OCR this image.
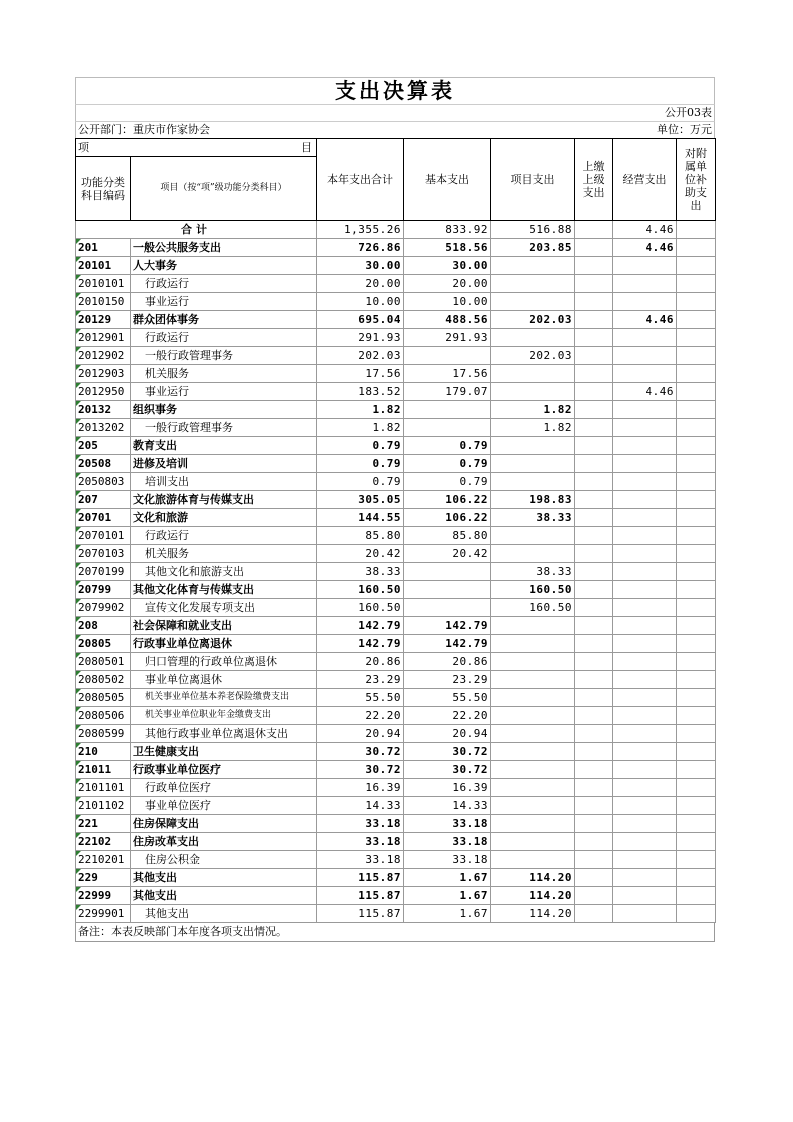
支出决算表
公开03表
公开部门：重庆市作家协会	单位：万元
项 目		本年支出合计	基本支出	项目支出	上缴上级支出	经营支出	对附属单位补助支出
功能分类科目编码	项目（按“项”级功能分类科目）						
合计		1,355.26	833.92	516.88		4.46	
201	一般公共服务支出	726.86	518.56	203.85		4.46	
20101	人大事务	30.00	30.00				
2010101	行政运行	20.00	20.00				
2010150	事业运行	10.00	10.00				
20129	群众团体事务	695.04	488.56	202.03		4.46	
2012901	行政运行	291.93	291.93				
2012902	一般行政管理事务	202.03		202.03			
2012903	机关服务	17.56	17.56				
2012950	事业运行	183.52	179.07			4.46	
20132	组织事务	1.82		1.82			
2013202	一般行政管理事务	1.82		1.82			
205	教育支出	0.79	0.79				
20508	进修及培训	0.79	0.79				
2050803	培训支出	0.79	0.79				
207	文化旅游体育与传媒支出	305.05	106.22	198.83			
20701	文化和旅游	144.55	106.22	38.33			
2070101	行政运行	85.80	85.80				
2070103	机关服务	20.42	20.42				
2070199	其他文化和旅游支出	38.33		38.33			
20799	其他文化体育与传媒支出	160.50		160.50			
2079902	宣传文化发展专项支出	160.50		160.50			
208	社会保障和就业支出	142.79	142.79				
20805	行政事业单位离退休	142.79	142.79				
2080501	归口管理的行政单位离退休	20.86	20.86				
2080502	事业单位离退休	23.29	23.29				
2080505	机关事业单位基本养老保险缴费支出	55.50	55.50				
2080506	机关事业单位职业年金缴费支出	22.20	22.20				
2080599	其他行政事业单位离退休支出	20.94	20.94				
210	卫生健康支出	30.72	30.72				
21011	行政事业单位医疗	30.72	30.72				
2101101	行政单位医疗	16.39	16.39				
2101102	事业单位医疗	14.33	14.33				
221	住房保障支出	33.18	33.18				
22102	住房改革支出	33.18	33.18				
2210201	住房公积金	33.18	33.18				
229	其他支出	115.87	1.67	114.20			
22999	其他支出	115.87	1.67	114.20			
2299901	其他支出	115.87	1.67	114.20			
备注：本表反映部门本年度各项支出情况。
